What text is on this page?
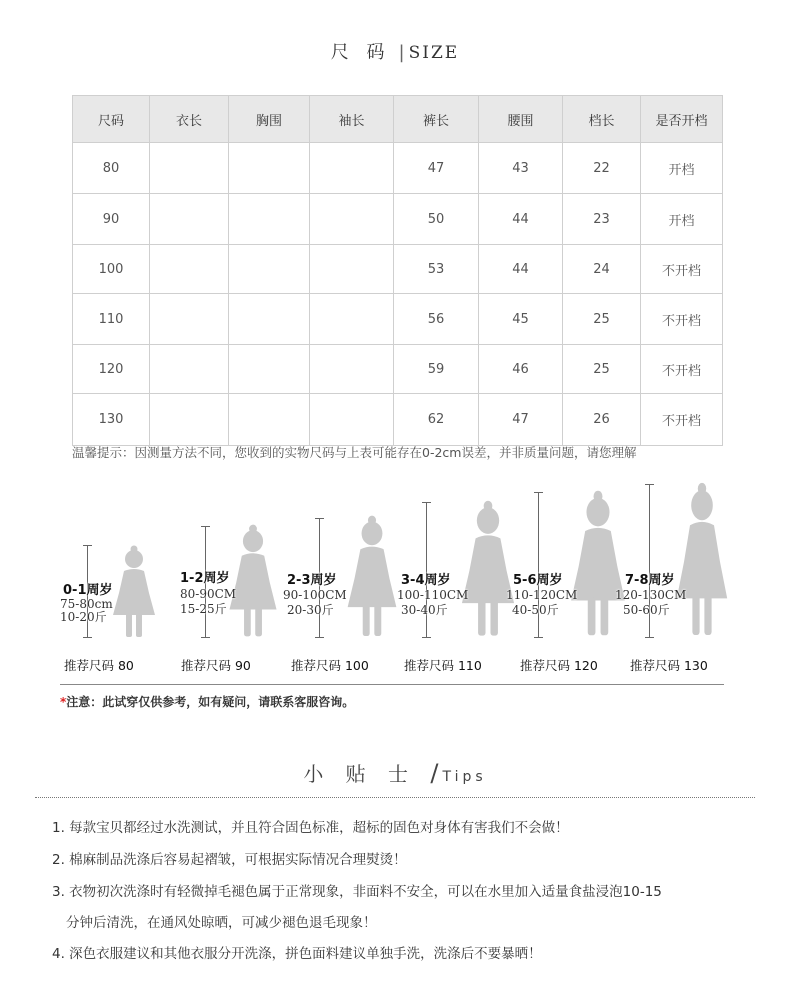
尺 码 | SIZE
尺码	衣长	胸围	袖长	裤长	腰围	档长	是否开档
80				47	43	22	开档
90				50	44	23	开档
100				53	44	24	不开档
110				56	45	25	不开档
120				59	46	25	不开档
130				62	47	26	不开档
温馨提示：因测量方法不同，您收到的实物尺码与上表可能存在0-2cm误差，并非质量问题，请您理解
0-1周岁
75-80cm
10-20斤
推荐尺码 80
1-2周岁
80-90CM
15-25斤
推荐尺码 90
2-3周岁
90-100CM
20-30斤
推荐尺码 100
3-4周岁
100-110CM
30-40斤
推荐尺码 110
5-6周岁
110-120CM
40-50斤
推荐尺码 120
7-8周岁
120-130CM
50-60斤
推荐尺码 130
*注意：此试穿仅供参考，如有疑问，请联系客服咨询。
小 贴 士 /Tips
1. 每款宝贝都经过水洗测试，并且符合固色标准，超标的固色对身体有害我们不会做！
2. 棉麻制品洗涤后容易起褶皱，可根据实际情况合理熨烫！
3. 衣物初次洗涤时有轻微掉毛褪色属于正常现象，非面料不安全，可以在水里加入适量食盐浸泡10-15
分钟后清洗，在通风处晾晒，可减少褪色退毛现象！
4. 深色衣服建议和其他衣服分开洗涤，拼色面料建议单独手洗，洗涤后不要暴晒！
